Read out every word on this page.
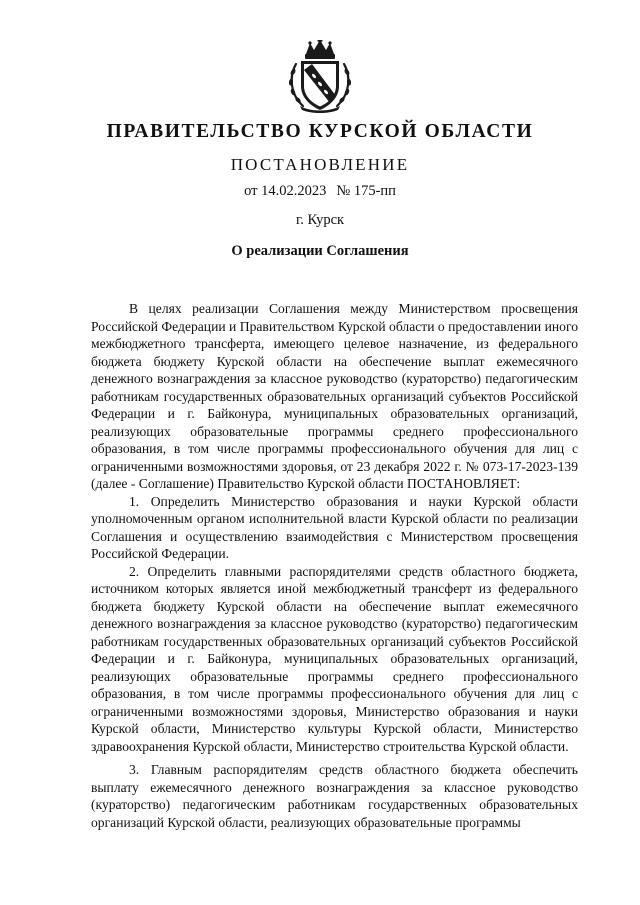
ПРАВИТЕЛЬСТВО КУРСКОЙ ОБЛАСТИ
ПОСТАНОВЛЕНИЕ
от 14.02.2023 № 175-пп
г. Курск
О реализации Соглашения

В целях реализации Соглашения между Министерством просвещения Российской Федерации и Правительством Курской области о предоставлении иного межбюджетного трансферта, имеющего целевое назначение, из федерального бюджета бюджету Курской области на обеспечение выплат ежемесячного денежного вознаграждения за классное руководство (кураторство) педагогическим работникам государственных образовательных организаций субъектов Российской Федерации и г. Байконура, муниципальных образовательных организаций, реализующих образовательные программы среднего профессионального образования, в том числе программы профессионального обучения для лиц с ограниченными возможностями здоровья, от 23 декабря 2022 г. № 073-17-2023-139 (далее - Соглашение) Правительство Курской области ПОСТАНОВЛЯЕТ:

1. Определить Министерство образования и науки Курской области уполномоченным органом исполнительной власти Курской области по реализации Соглашения и осуществлению взаимодействия с Министерством просвещения Российской Федерации.

2. Определить главными распорядителями средств областного бюджета, источником которых является иной межбюджетный трансферт из федерального бюджета бюджету Курской области на обеспечение выплат ежемесячного денежного вознаграждения за классное руководство (кураторство) педагогическим работникам государственных образовательных организаций субъектов Российской Федерации и г. Байконура, муниципальных образовательных организаций, реализующих образовательные программы среднего профессионального образования, в том числе программы профессионального обучения для лиц с ограниченными возможностями здоровья, Министерство образования и науки Курской области, Министерство культуры Курской области, Министерство здравоохранения Курской области, Министерство строительства Курской области.

3. Главным распорядителям средств областного бюджета обеспечить выплату ежемесячного денежного вознаграждения за классное руководство (кураторство) педагогическим работникам государственных образовательных организаций Курской области, реализующих образовательные программы
